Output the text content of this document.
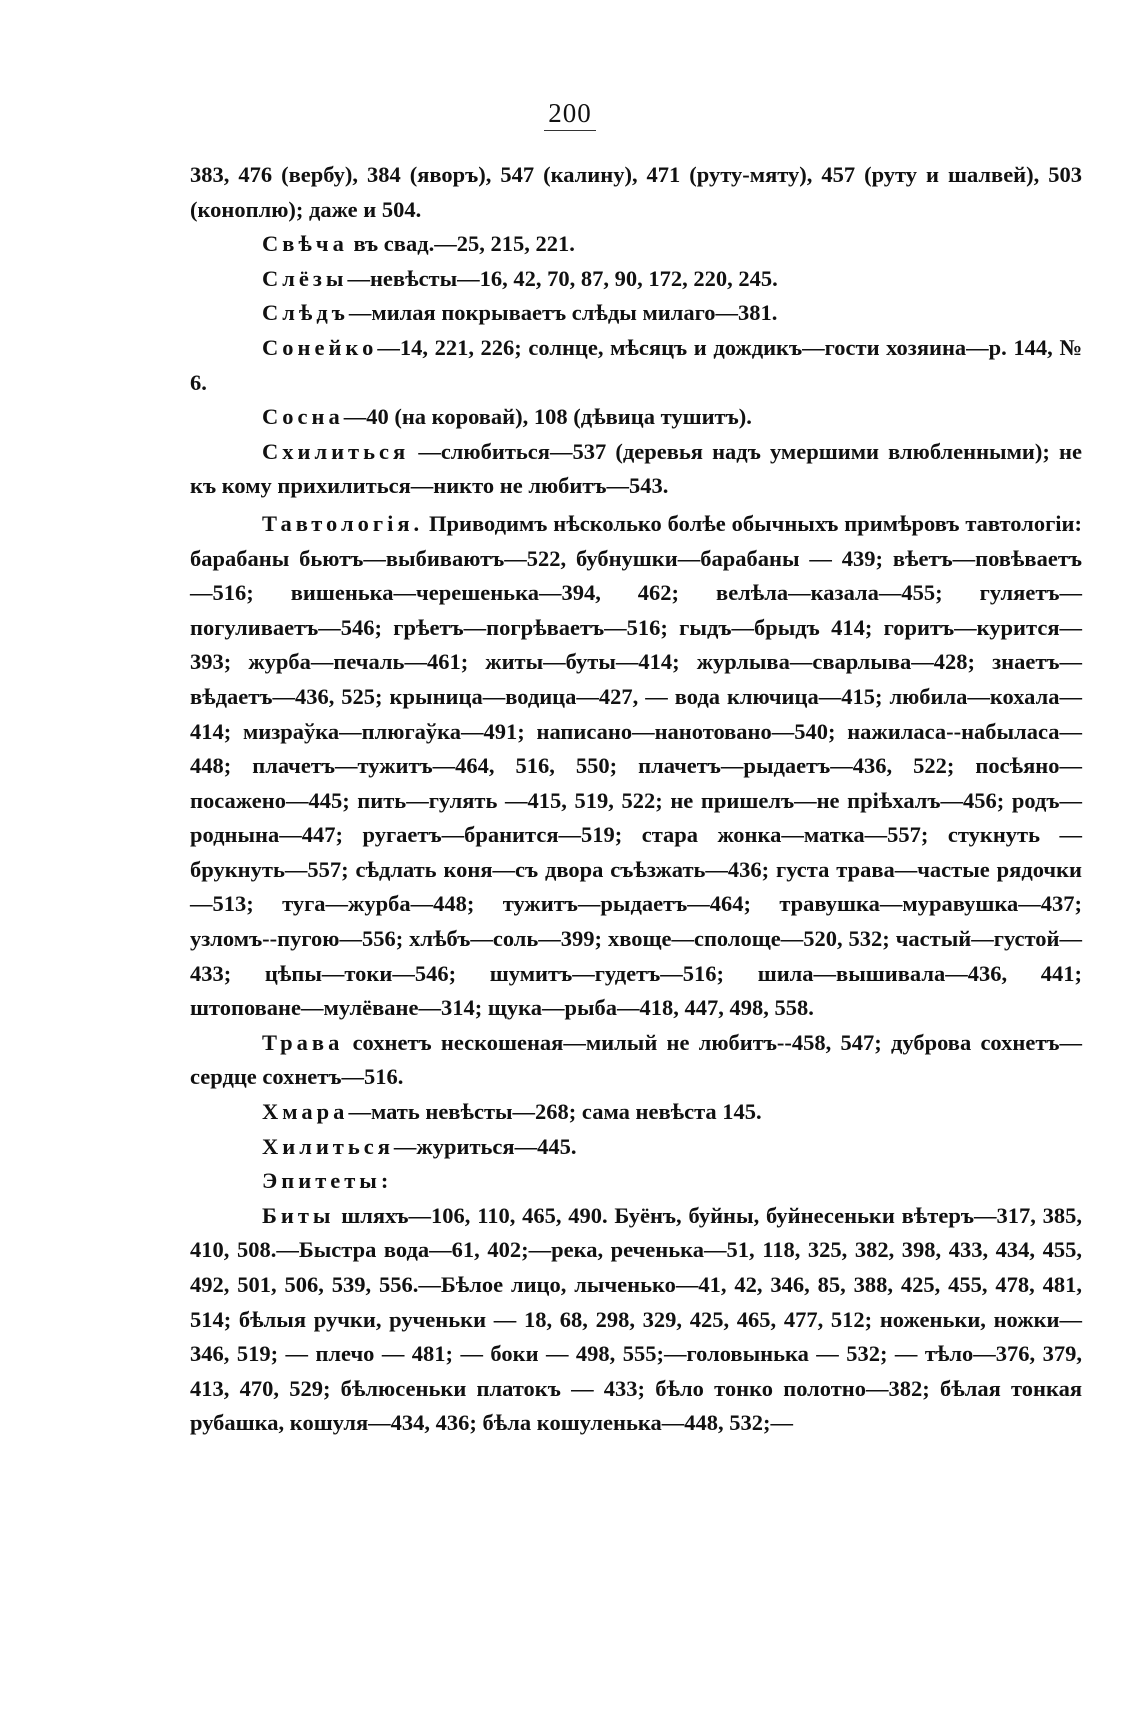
200

383, 476 (вербу), 384 (яворъ), 547 (калину), 471 (руту-мяту), 457 (руту и шалвей), 503 (коноплю); даже и 504.

Свѣча въ свад.—25, 215, 221.

Слёзы—невѣсты—16, 42, 70, 87, 90, 172, 220, 245.

Слѣдъ—милая покрываетъ слѣды милаго—381.

Сонейко—14, 221, 226; солнце, мѣсяцъ и дождикъ—гости хозяина—р. 144, № 6.

Сосна—40 (на коровай), 108 (дѣвица тушитъ).

Схилиться —слюбиться—537 (деревья надъ умершими влюбленными); не къ кому прихилиться—никто не любитъ—543.

Тавтологія. Приводимъ нѣсколько болѣе обычныхъ примѣровъ тавтологіи: барабаны бьютъ—выбиваютъ—522, бубнушки—барабаны — 439; вѣетъ—повѣваетъ—516; вишенька—черешенька—394, 462; велѣла—казала—455; гуляетъ—погуливаетъ—546; грѣетъ—погрѣваетъ—516; гыдъ—брыдъ 414; горитъ—курится—393; журба—печаль—461; житы—буты—414; журлыва—сварлыва—428; знаетъ—вѣдаетъ—436, 525; крыница—водица—427, — вода ключица—415; любила—кохала—414; мизраўка—плюгаўка—491; написано—нанотовано—540; нажиласа--набыласа—448; плачетъ—тужитъ—464, 516, 550; плачетъ—рыдаетъ—436, 522; посѣяно—посажено—445; пить—гулять —415, 519, 522; не пришелъ—не пріѣхалъ—456; родъ—роднына—447; ругаетъ—бранится—519; стара жонка—матка—557; стукнуть — брукнуть—557; сѣдлать коня—съ двора съѣзжать—436; густа трава—частые рядочки—513; туга—журба—448; тужитъ—рыдаетъ—464; травушка—муравушка—437; узломъ--пугою—556; хлѣбъ—соль—399; хвоще—сполоще—520, 532; частый—густой—433; цѣпы—токи—546; шумитъ—гудетъ—516; шила—вышивала—436, 441; штоповане—мулёване—314; щука—рыба—418, 447, 498, 558.

Трава сохнетъ нескошеная—милый не любитъ--458, 547; дуброва сохнетъ—сердце сохнетъ—516.

Хмара—мать невѣсты—268; сама невѣста 145.

Хилиться—журиться—445.

Эпитеты:

Биты шляхъ—106, 110, 465, 490. Буёнъ, буйны, буйнесеньки вѣтеръ—317, 385, 410, 508.—Быстра вода—61, 402;—река, реченька—51, 118, 325, 382, 398, 433, 434, 455, 492, 501, 506, 539, 556.—Бѣлое лицо, лыченько—41, 42, 346, 85, 388, 425, 455, 478, 481, 514; бѣлыя ручки, рученьки — 18, 68, 298, 329, 425, 465, 477, 512; ноженьки, ножки—346, 519; — плечо — 481; — боки — 498, 555;—головынька — 532; — тѣло—376, 379, 413, 470, 529; бѣлюсеньки платокъ — 433; бѣло тонко полотно—382; бѣлая тонкая рубашка, кошуля—434, 436; бѣла кошуленька—448, 532;—
